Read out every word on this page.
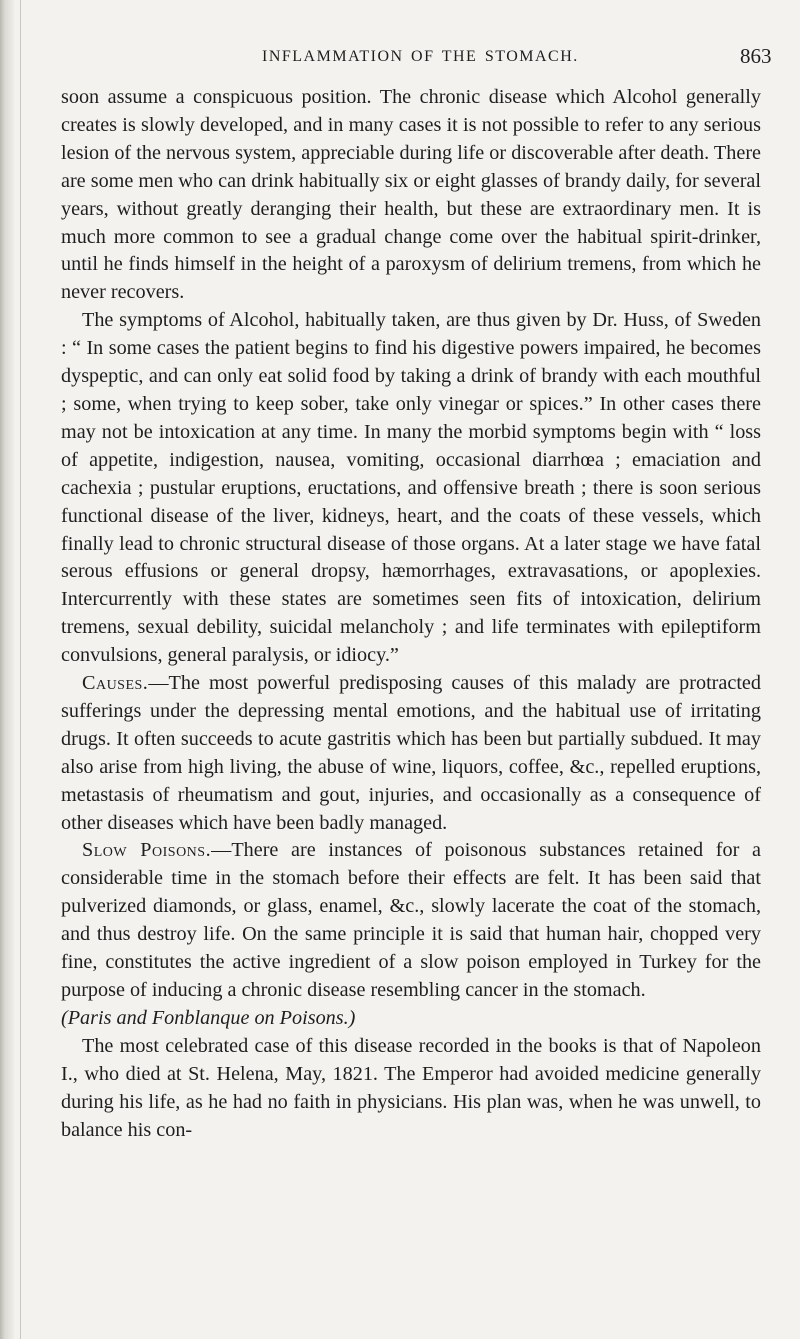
INFLAMMATION OF THE STOMACH.	863

soon assume a conspicuous position. The chronic disease which Alcohol generally creates is slowly developed, and in many cases it is not possible to refer to any serious lesion of the nervous system, appreciable during life or discoverable after death. There are some men who can drink habitually six or eight glasses of brandy daily, for several years, without greatly deranging their health, but these are extraordinary men. It is much more common to see a gradual change come over the habitual spirit-drinker, until he finds himself in the height of a paroxysm of delirium tremens, from which he never recovers.

The symptoms of Alcohol, habitually taken, are thus given by Dr. Huss, of Sweden : “ In some cases the patient begins to find his digestive powers impaired, he becomes dyspeptic, and can only eat solid food by taking a drink of brandy with each mouthful ; some, when trying to keep sober, take only vinegar or spices.” In other cases there may not be intoxication at any time. In many the morbid symptoms begin with “ loss of appetite, indigestion, nausea, vomiting, occasional diarrhœa ; emaciation and cachexia ; pustular eruptions, eructations, and offensive breath ; there is soon serious functional disease of the liver, kidneys, heart, and the coats of these vessels, which finally lead to chronic structural disease of those organs. At a later stage we have fatal serous effusions or general dropsy, hæmorrhages, extravasations, or apoplexies. Intercurrently with these states are sometimes seen fits of intoxication, delirium tremens, sexual debility, suicidal melancholy ; and life terminates with epileptiform convulsions, general paralysis, or idiocy.”

Causes.—The most powerful predisposing causes of this malady are protracted sufferings under the depressing mental emotions, and the habitual use of irritating drugs. It often succeeds to acute gastritis which has been but partially subdued. It may also arise from high living, the abuse of wine, liquors, coffee, &c., repelled eruptions, metastasis of rheumatism and gout, injuries, and occasionally as a consequence of other diseases which have been badly managed.

Slow Poisons.—There are instances of poisonous substances retained for a considerable time in the stomach before their effects are felt. It has been said that pulverized diamonds, or glass, enamel, &c., slowly lacerate the coat of the stomach, and thus destroy life. On the same principle it is said that human hair, chopped very fine, constitutes the active ingredient of a slow poison employed in Turkey for the purpose of inducing a chronic disease resembling cancer in the stomach.
(Paris and Fonblanque on Poisons.)

The most celebrated case of this disease recorded in the books is that of Napoleon I., who died at St. Helena, May, 1821. The Emperor had avoided medicine generally during his life, as he had no faith in physicians. His plan was, when he was unwell, to balance his con-
